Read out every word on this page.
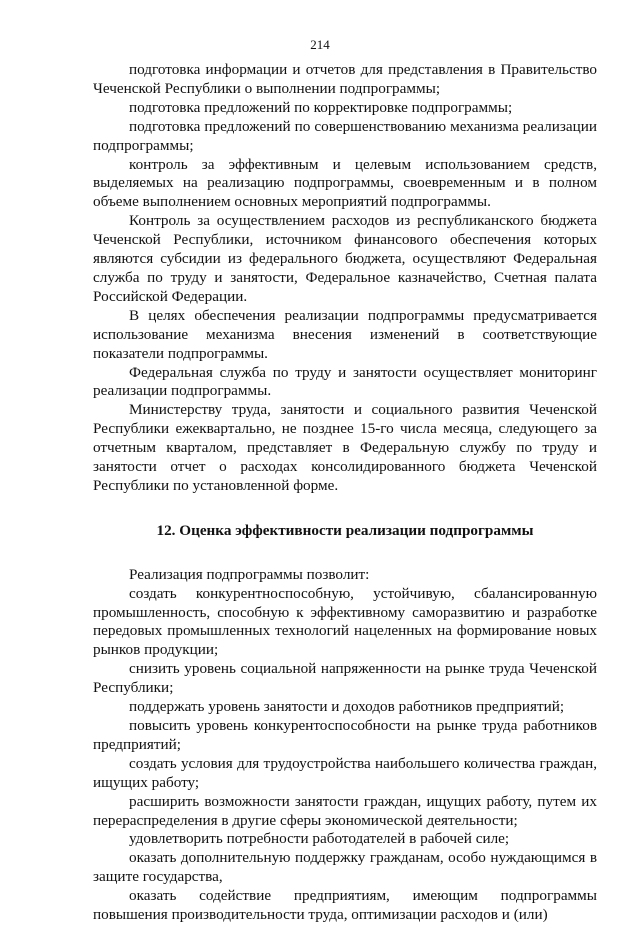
214

подготовка информации и отчетов для представления в Правительство Чеченской Республики о выполнении подпрограммы;

подготовка предложений по корректировке подпрограммы;

подготовка предложений по совершенствованию механизма реализации подпрограммы;

контроль за эффективным и целевым использованием средств, выделяемых на реализацию подпрограммы, своевременным и в полном объеме выполнением основных мероприятий подпрограммы.

Контроль за осуществлением расходов из республиканского бюджета Чеченской Республики, источником финансового обеспечения которых являются субсидии из федерального бюджета, осуществляют Федеральная служба по труду и занятости, Федеральное казначейство, Счетная палата Российской Федерации.

В целях обеспечения реализации подпрограммы предусматривается использование механизма внесения изменений в соответствующие показатели подпрограммы.

Федеральная служба по труду и занятости осуществляет мониторинг реализации подпрограммы.

Министерству труда, занятости и социального развития Чеченской Республики ежеквартально, не позднее 15-го числа месяца, следующего за отчетным кварталом, представляет в Федеральную службу по труду и занятости отчет о расходах консолидированного бюджета Чеченской Республики по установленной форме.

12. Оценка эффективности реализации подпрограммы

Реализация подпрограммы позволит:

создать конкурентноспособную, устойчивую, сбалансированную промышленность, способную к эффективному саморазвитию и разработке передовых промышленных технологий нацеленных на формирование новых рынков продукции;

снизить уровень социальной напряженности на рынке труда Чеченской Республики;

поддержать уровень занятости и доходов работников предприятий;

повысить уровень конкурентоспособности на рынке труда работников предприятий;

создать условия для трудоустройства наибольшего количества граждан, ищущих работу;

расширить возможности занятости граждан, ищущих работу, путем их перераспределения в другие сферы экономической деятельности;

удовлетворить потребности работодателей в рабочей силе;

оказать дополнительную поддержку гражданам, особо нуждающимся в защите государства,

оказать содействие предприятиям, имеющим подпрограммы повышения производительности труда, оптимизации расходов и (или)
